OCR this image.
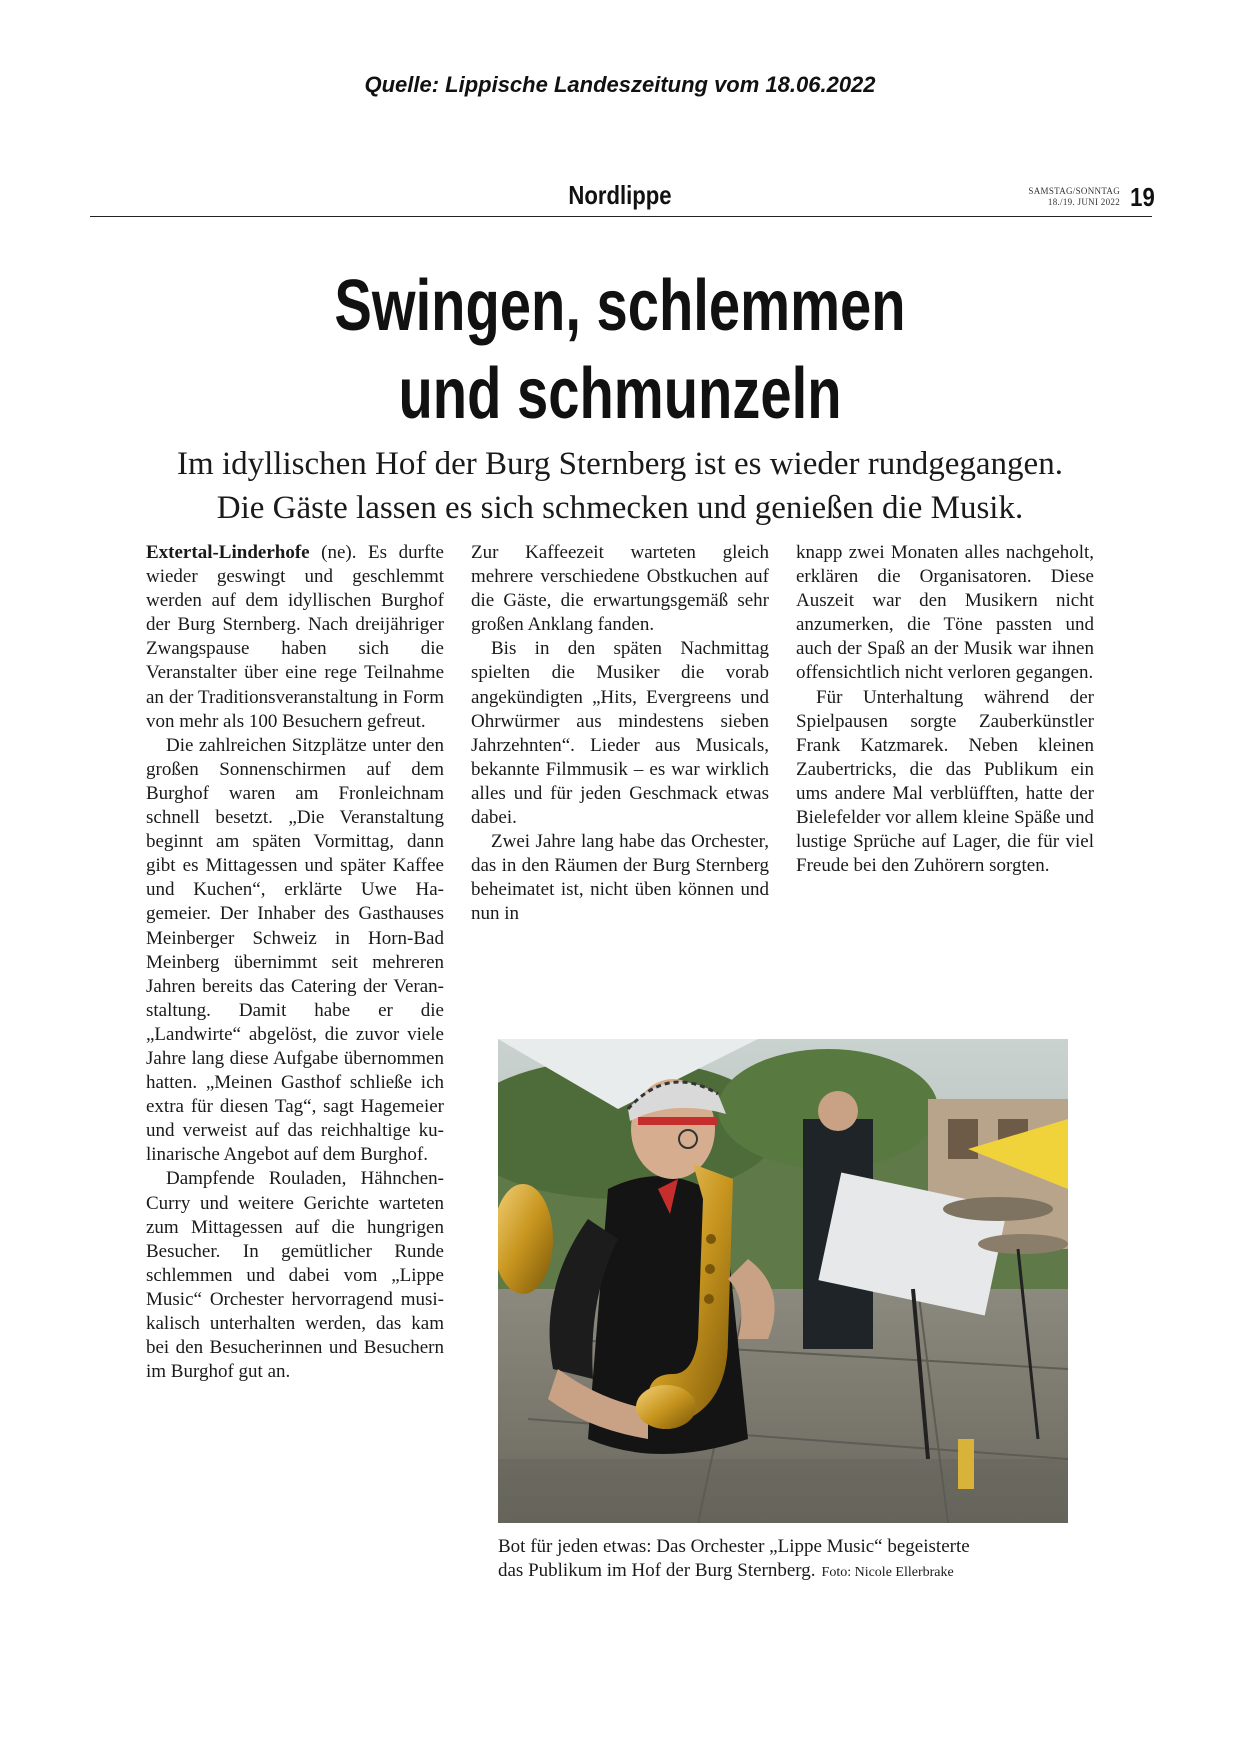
Quelle: Lippische Landeszeitung vom 18.06.2022
Nordlippe	SAMSTAG/SONNTAG
18./19. JUNI 2022 19
Swingen, schlemmen
und schmunzeln
Im idyllischen Hof der Burg Sternberg ist es wieder rundgegangen.
Die Gäste lassen es sich schmecken und genießen die Musik.

Extertal-Linderhofe (ne). Es durfte wieder geswingt und geschlemmt werden auf dem idyllischen Burghof der Burg Sternberg. Nach dreijähriger Zwangspause haben sich die Veranstalter über eine rege Teilnahme an der Traditionsveranstaltung in Form von mehr als 100 Besuchern gefreut.

Die zahlreichen Sitzplätze unter den großen Sonnenschirmen auf dem Burghof waren am Fronleichnam schnell besetzt. „Die Veranstaltung beginnt am späten Vormittag, dann gibt es Mittagessen und später Kaffee und Kuchen“, erklärte Uwe Hagemeier. Der Inhaber des Gasthauses Meinberger Schweiz in Horn-Bad Meinberg übernimmt seit mehreren Jahren bereits das Catering der Veranstaltung. Damit habe er die „Landwirte“ abgelöst, die zuvor viele Jahre lang diese Aufgabe übernommen hatten. „Meinen Gasthof schließe ich extra für diesen Tag“, sagt Hagemeier und verweist auf das reichhaltige kulinarische Angebot auf dem Burghof.

Dampfende Rouladen, Hähnchen-Curry und weitere Gerichte warteten zum Mittagessen auf die hungrigen Besucher. In gemütlicher Runde schlemmen und dabei vom „Lippe Music“ Orchester hervorragend musikalisch unterhalten werden, das kam bei den Besucherinnen und Besuchern im Burghof gut an.

Zur Kaffeezeit warteten gleich mehrere verschiedene Obstkuchen auf die Gäste, die erwartungsgemäß sehr großen Anklang fanden.

Bis in den späten Nachmittag spielten die Musiker die vorab angekündigten „Hits, Evergreens und Ohrwürmer aus mindestens sieben Jahrzehnten“. Lieder aus Musicals, bekannte Filmmusik – es war wirklich alles und für jeden Geschmack etwas dabei.

Zwei Jahre lang habe das Orchester, das in den Räumen der Burg Sternberg beheimatet ist, nicht üben können und nun in

knapp zwei Monaten alles nachgeholt, erklären die Organisatoren. Diese Auszeit war den Musikern nicht anzumerken, die Töne passten und auch der Spaß an der Musik war ihnen offensichtlich nicht verloren gegangen.

Für Unterhaltung während der Spielpausen sorgte Zauberkünstler Frank Katzmarek. Neben kleinen Zaubertricks, die das Publikum ein ums andere Mal verblüfften, hatte der Bielefelder vor allem kleine Späße und lustige Sprüche auf Lager, die für viel Freude bei den Zuhörern sorgten.

Bot für jeden etwas: Das Orchester „Lippe Music“ begeisterte
das Publikum im Hof der Burg Sternberg. Foto: Nicole Ellerbrake
